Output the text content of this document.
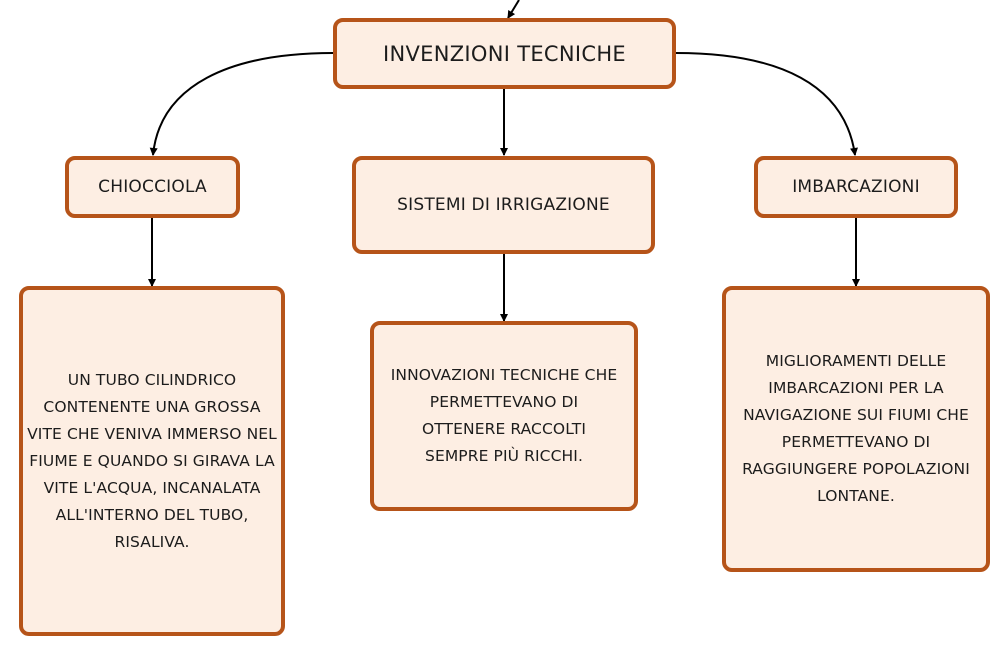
INVENZIONI TECNICHE
CHIOCCIOLA
SISTEMI DI IRRIGAZIONE
IMBARCAZIONI
UN TUBO CILINDRICO CONTENENTE UNA GROSSA VITE CHE VENIVA IMMERSO NEL FIUME E QUANDO SI GIRAVA LA VITE L'ACQUA, INCANALATA ALL'INTERNO DEL TUBO, RISALIVA.
INNOVAZIONI TECNICHE CHE PERMETTEVANO DI OTTENERE RACCOLTI SEMPRE PIÙ RICCHI.
MIGLIORAMENTI DELLE IMBARCAZIONI PER LA NAVIGAZIONE SUI FIUMI CHE PERMETTEVANO DI RAGGIUNGERE POPOLAZIONI LONTANE.
